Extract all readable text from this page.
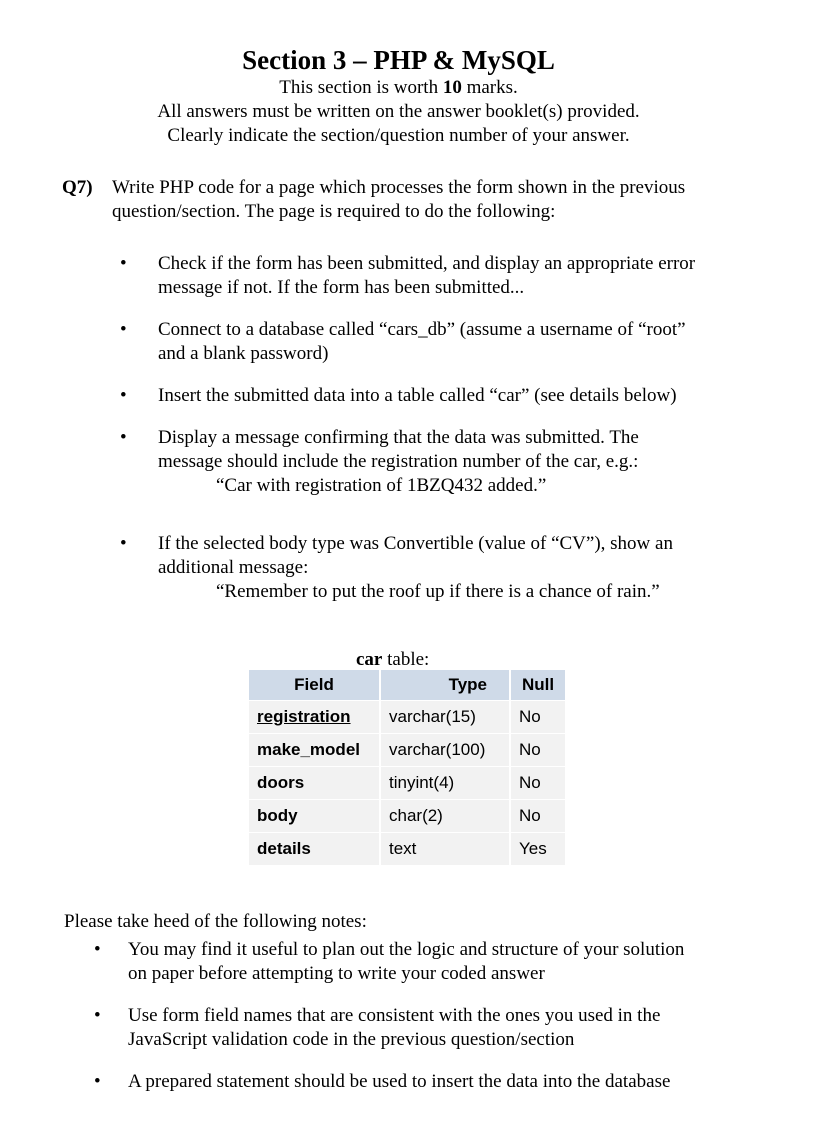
Section 3 – PHP & MySQL
This section is worth 10 marks.
All answers must be written on the answer booklet(s) provided.
Clearly indicate the section/question number of your answer.
Q7) Write PHP code for a page which processes the form shown in the previous
question/section. The page is required to do the following:
• Check if the form has been submitted, and display an appropriate error
message if not. If the form has been submitted...
• Connect to a database called “cars_db” (assume a username of “root”
and a blank password)
• Insert the submitted data into a table called “car” (see details below)
• Display a message confirming that the data was submitted. The
message should include the registration number of the car, e.g.:
“Car with registration of 1BZQ432 added.”
• If the selected body type was Convertible (value of “CV”), show an
additional message:
“Remember to put the roof up if there is a chance of rain.”
car table:
Field	Type	Null
registration	varchar(15)	No
make_model	varchar(100)	No
doors	tinyint(4)	No
body	char(2)	No
details	text	Yes
Please take heed of the following notes:
• You may find it useful to plan out the logic and structure of your solution
on paper before attempting to write your coded answer
• Use form field names that are consistent with the ones you used in the
JavaScript validation code in the previous question/section
• A prepared statement should be used to insert the data into the database
